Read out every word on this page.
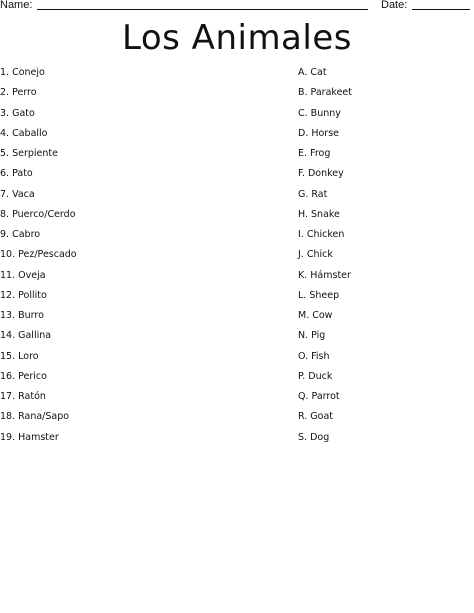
Name:	Date:
Los Animales
1. Conejo
2. Perro
3. Gato
4. Caballo
5. Serpiente
6. Pato
7. Vaca
8. Puerco/Cerdo
9. Cabro
10. Pez/Pescado
11. Oveja
12. Pollito
13. Burro
14. Gallina
15. Loro
16. Perico
17. Ratón
18. Rana/Sapo
19. Hamster
A. Cat
B. Parakeet
C. Bunny
D. Horse
E. Frog
F. Donkey
G. Rat
H. Snake
I. Chicken
J. Chick
K. Hámster
L. Sheep
M. Cow
N. Pig
O. Fish
P. Duck
Q. Parrot
R. Goat
S. Dog
